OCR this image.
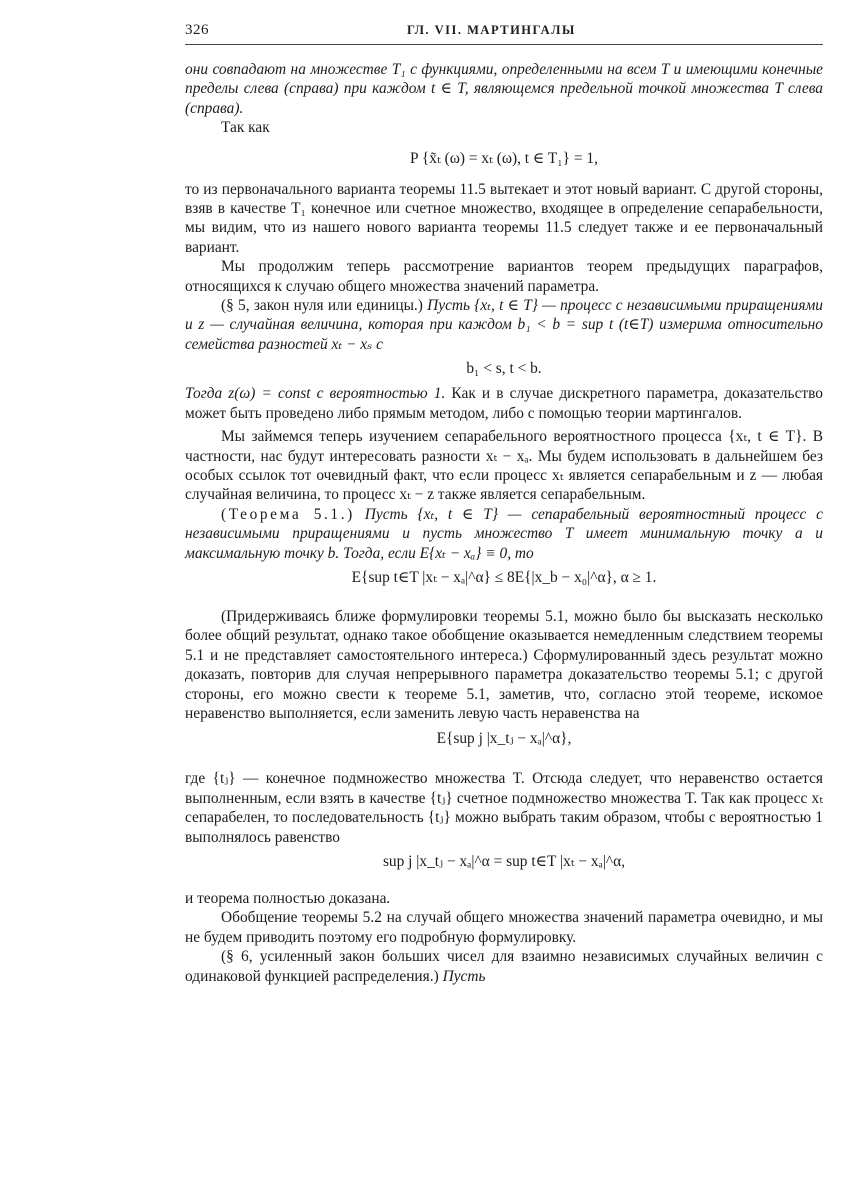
326	ГЛ. VII. МАРТИНГАЛЫ

они совпадают на множестве T₁ с функциями, определенными на всем T и имеющими конечные пределы слева (справа) при каждом t ∈ T, являющемся предельной точкой множества T слева (справа).

Так как

P {x̃ₜ (ω) = xₜ (ω), t ∈ T₁} = 1,

то из первоначального варианта теоремы 11.5 вытекает и этот новый вариант. С другой стороны, взяв в качестве T₁ конечное или счетное множество, входящее в определение сепарабельности, мы видим, что из нашего нового варианта теоремы 11.5 следует также и ее первоначальный вариант.

Мы продолжим теперь рассмотрение вариантов теорем предыдущих параграфов, относящихся к случаю общего множества значений параметра.

(§ 5, закон нуля или единицы.) Пусть {xₜ, t ∈ T} — процесс с независимыми приращениями и z — случайная величина, которая при каждом b₁ < b = sup t (t∈T) измерима относительно семейства разностей xₜ − xₛ с

b₁ < s, t < b.

Тогда z(ω) = const с вероятностью 1. Как и в случае дискретного параметра, доказательство может быть проведено либо прямым методом, либо с помощью теории мартингалов.

Мы займемся теперь изучением сепарабельного вероятностного процесса {xₜ, t ∈ T}. В частности, нас будут интересовать разности xₜ − xₐ. Мы будем использовать в дальнейшем без особых ссылок тот очевидный факт, что если процесс xₜ является сепарабельным и z — любая случайная величина, то процесс xₜ − z также является сепарабельным.

(Теорема 5.1.) Пусть {xₜ, t ∈ T} — сепарабельный вероятностный процесс с независимыми приращениями и пусть множество T имеет минимальную точку a и максимальную точку b. Тогда, если E{xₜ − xₐ} ≡ 0, то

E{sup t∈T |xₜ − xₐ|^α} ≤ 8E{|x_b − x₀|^α}, α ≥ 1.

(Придерживаясь ближе формулировки теоремы 5.1, можно было бы высказать несколько более общий результат, однако такое обобщение оказывается немедленным следствием теоремы 5.1 и не представляет самостоятельного интереса.) Сформулированный здесь результат можно доказать, повторив для случая непрерывного параметра доказательство теоремы 5.1; с другой стороны, его можно свести к теореме 5.1, заметив, что, согласно этой теореме, искомое неравенство выполняется, если заменить левую часть неравенства на

E{sup j |x_tⱼ − xₐ|^α},

где {tⱼ} — конечное подмножество множества T. Отсюда следует, что неравенство остается выполненным, если взять в качестве {tⱼ} счетное подмножество множества T. Так как процесс xₜ сепарабелен, то последовательность {tⱼ} можно выбрать таким образом, чтобы с вероятностью 1 выполнялось равенство

sup j |x_tⱼ − xₐ|^α = sup t∈T |xₜ − xₐ|^α,

и теорема полностью доказана.

Обобщение теоремы 5.2 на случай общего множества значений параметра очевидно, и мы не будем приводить поэтому его подробную формулировку.

(§ 6, усиленный закон больших чисел для взаимно независимых случайных величин с одинаковой функцией распределения.) Пусть
